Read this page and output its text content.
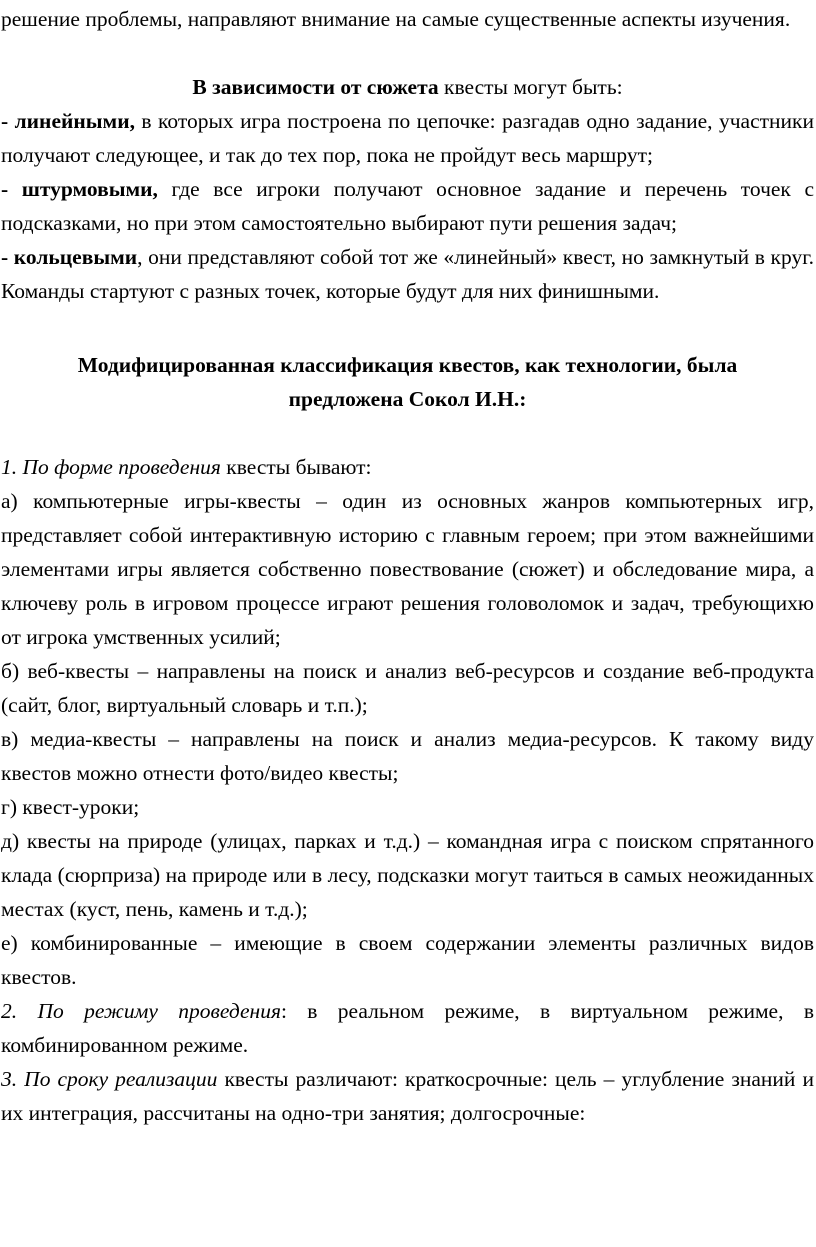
решение проблемы, направляют внимание на самые существенные аспекты изучения.

В зависимости от сюжета квесты могут быть:

- линейными, в которых игра построена по цепочке: разгадав одно задание, участники получают следующее, и так до тех пор, пока не пройдут весь маршрут;

- штурмовыми, где все игроки получают основное задание и перечень точек с подсказками, но при этом самостоятельно выбирают пути решения задач;

- кольцевыми, они представляют собой тот же «линейный» квест, но замкнутый в круг. Команды стартуют с разных точек, которые будут для них финишными.

Модифицированная классификация квестов, как технологии, была
предложена Сокол И.Н.:

1. По форме проведения квесты бывают:

а) компьютерные игры-квесты – один из основных жанров компьютерных игр, представляет собой интерактивную историю с главным героем; при этом важнейшими элементами игры является собственно повествование (сюжет) и обследование мира, а ключеву роль в игровом процессе играют решения головоломок и задач, требующихю от игрока умственных усилий;

б) веб-квесты – направлены на поиск и анализ веб-ресурсов и создание веб-продукта (сайт, блог, виртуальный словарь и т.п.);

в) медиа-квесты – направлены на поиск и анализ медиа-ресурсов. К такому виду квестов можно отнести фото/видео квесты;

г) квест-уроки;

д) квесты на природе (улицах, парках и т.д.) – командная игра с поиском спрятанного клада (сюрприза) на природе или в лесу, подсказки могут таиться в самых неожиданных местах (куст, пень, камень и т.д.);

е) комбинированные – имеющие в своем содержании элементы различных видов квестов.

2. По режиму проведения: в реальном режиме, в виртуальном режиме, в комбинированном режиме.

3. По сроку реализации квесты различают: краткосрочные: цель – углубление знаний и их интеграция, рассчитаны на одно-три занятия; долгосрочные:
